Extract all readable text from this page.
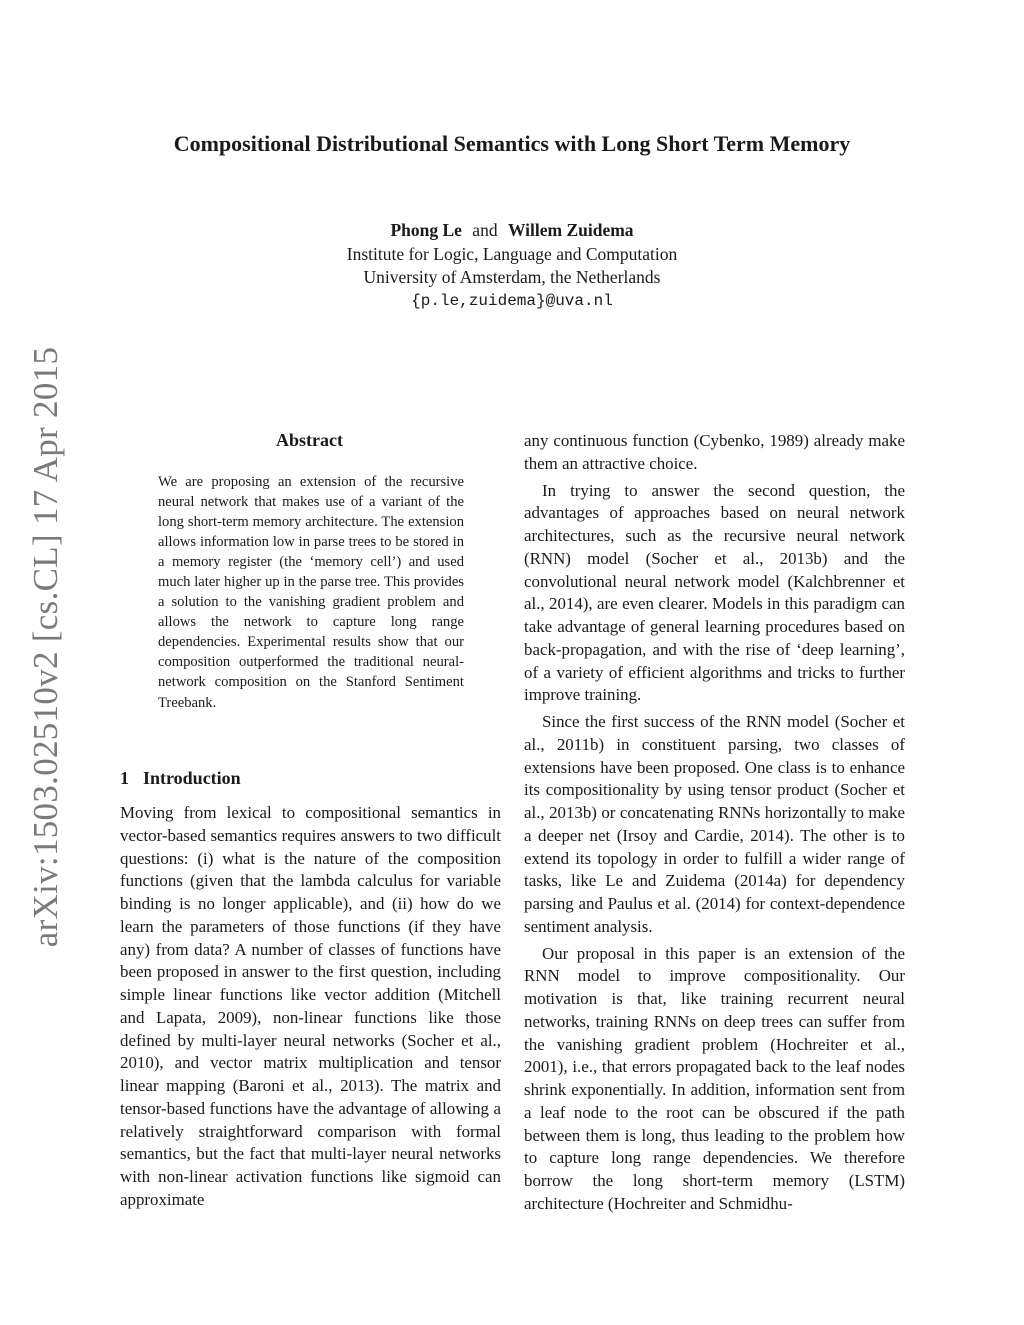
arXiv:1503.02510v2 [cs.CL] 17 Apr 2015
Compositional Distributional Semantics with Long Short Term Memory
Phong Le and Willem Zuidema
Institute for Logic, Language and Computation
University of Amsterdam, the Netherlands
{p.le,zuidema}@uva.nl
Abstract

We are proposing an extension of the recursive neural network that makes use of a variant of the long short-term memory architecture. The extension allows information low in parse trees to be stored in a memory register (the ‘memory cell’) and used much later higher up in the parse tree. This provides a solution to the vanishing gradient problem and allows the network to capture long range dependencies. Experimental results show that our composition outperformed the traditional neural-network composition on the Stanford Sentiment Treebank.

1 Introduction

Moving from lexical to compositional semantics in vector-based semantics requires answers to two difficult questions: (i) what is the nature of the composition functions (given that the lambda calculus for variable binding is no longer applicable), and (ii) how do we learn the parameters of those functions (if they have any) from data? A number of classes of functions have been proposed in answer to the first question, including simple linear functions like vector addition (Mitchell and Lapata, 2009), non-linear functions like those defined by multi-layer neural networks (Socher et al., 2010), and vector matrix multiplication and tensor linear mapping (Baroni et al., 2013). The matrix and tensor-based functions have the advantage of allowing a relatively straightforward comparison with formal semantics, but the fact that multi-layer neural networks with non-linear activation functions like sigmoid can approximate

any continuous function (Cybenko, 1989) already make them an attractive choice.

In trying to answer the second question, the advantages of approaches based on neural network architectures, such as the recursive neural network (RNN) model (Socher et al., 2013b) and the convolutional neural network model (Kalchbrenner et al., 2014), are even clearer. Models in this paradigm can take advantage of general learning procedures based on back-propagation, and with the rise of ‘deep learning’, of a variety of efficient algorithms and tricks to further improve training.

Since the first success of the RNN model (Socher et al., 2011b) in constituent parsing, two classes of extensions have been proposed. One class is to enhance its compositionality by using tensor product (Socher et al., 2013b) or concatenating RNNs horizontally to make a deeper net (Irsoy and Cardie, 2014). The other is to extend its topology in order to fulfill a wider range of tasks, like Le and Zuidema (2014a) for dependency parsing and Paulus et al. (2014) for context-dependence sentiment analysis.

Our proposal in this paper is an extension of the RNN model to improve compositionality. Our motivation is that, like training recurrent neural networks, training RNNs on deep trees can suffer from the vanishing gradient problem (Hochreiter et al., 2001), i.e., that errors propagated back to the leaf nodes shrink exponentially. In addition, information sent from a leaf node to the root can be obscured if the path between them is long, thus leading to the problem how to capture long range dependencies. We therefore borrow the long short-term memory (LSTM) architecture (Hochreiter and Schmidhu-
